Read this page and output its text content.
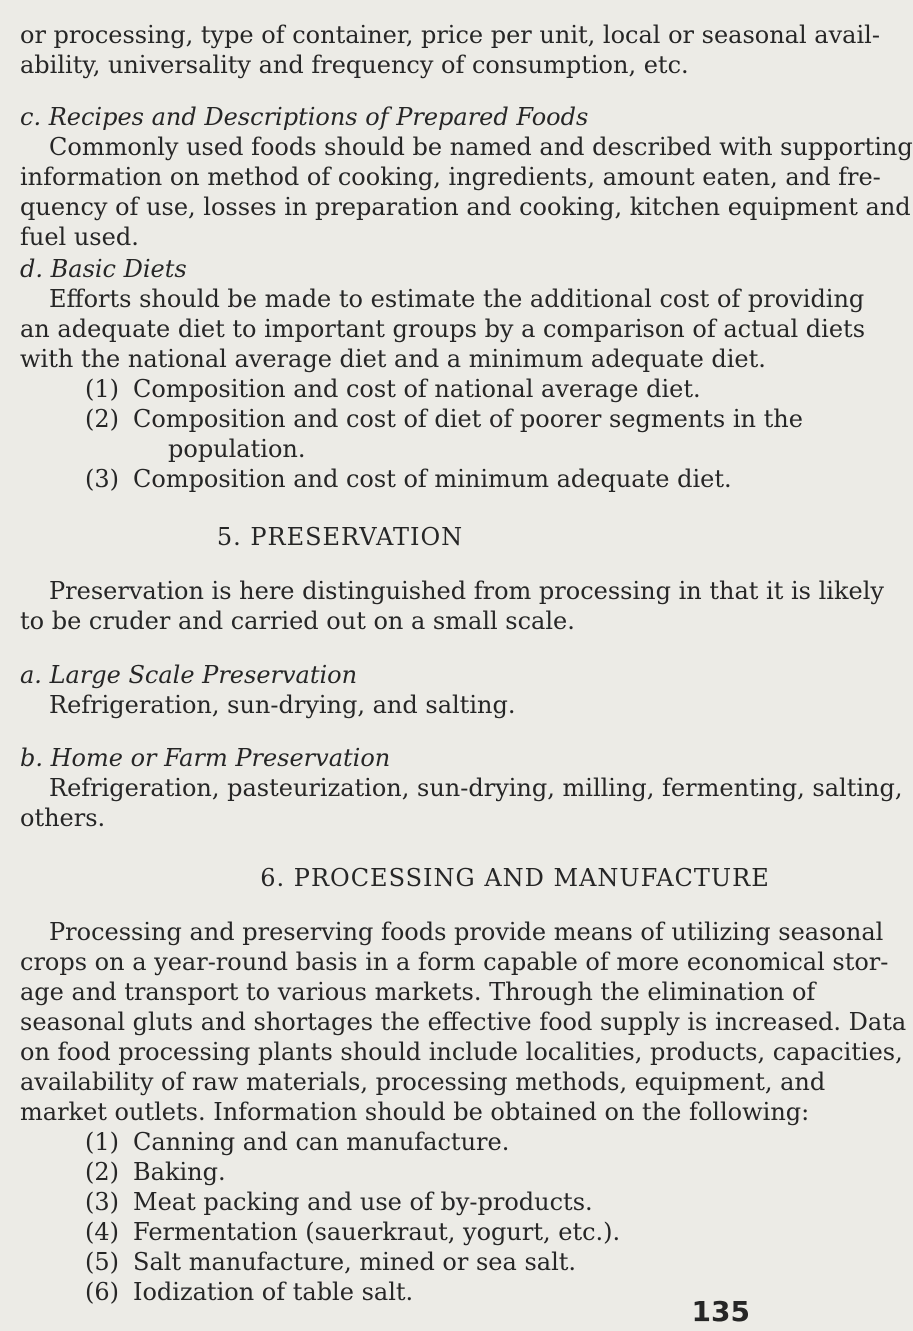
or processing, type of container, price per unit, local or seasonal avail-
ability, universality and frequency of consumption, etc.
c. Recipes and Descriptions of Prepared Foods
Commonly used foods should be named and described with supporting
information on method of cooking, ingredients, amount eaten, and fre-
quency of use, losses in preparation and cooking, kitchen equipment and
fuel used.
d. Basic Diets
Efforts should be made to estimate the additional cost of providing
an adequate diet to important groups by a comparison of actual diets
with the national average diet and a minimum adequate diet.
(1) Composition and cost of national average diet.
(2) Composition and cost of diet of poorer segments in the
population.
(3) Composition and cost of minimum adequate diet.
5. PRESERVATION
Preservation is here distinguished from processing in that it is likely
to be cruder and carried out on a small scale.
a. Large Scale Preservation
Refrigeration, sun-drying, and salting.
b. Home or Farm Preservation
Refrigeration, pasteurization, sun-drying, milling, fermenting, salting,
others.
6. PROCESSING AND MANUFACTURE
Processing and preserving foods provide means of utilizing seasonal
crops on a year-round basis in a form capable of more economical stor-
age and transport to various markets. Through the elimination of
seasonal gluts and shortages the effective food supply is increased. Data
on food processing plants should include localities, products, capacities,
availability of raw materials, processing methods, equipment, and
market outlets. Information should be obtained on the following:
(1) Canning and can manufacture.
(2) Baking.
(3) Meat packing and use of by-products.
(4) Fermentation (sauerkraut, yogurt, etc.).
(5) Salt manufacture, mined or sea salt.
(6) Iodization of table salt.
135
